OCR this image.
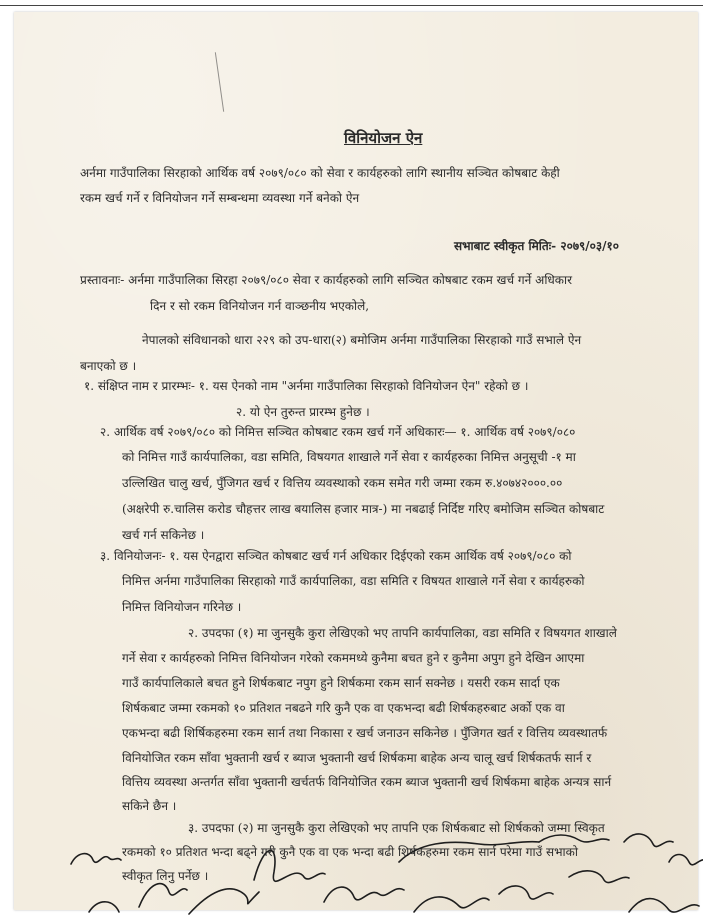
विनियोजन ऐन
अर्नमा गाउँपालिका सिरहाको आर्थिक वर्ष २०७९/०८० को सेवा र कार्यहरुको लागि स्थानीय सञ्चित कोषबाट केही
रकम खर्च गर्ने र विनियोजन गर्ने सम्बन्धमा व्यवस्था गर्ने बनेको ऐन
सभाबाट स्वीकृत मितिः- २०७९/०३/१०
प्रस्तावनाः- अर्नमा गाउँपालिका सिरहा २०७९/०८० सेवा र कार्यहरुको लागि सञ्चित कोषबाट रकम खर्च गर्ने अधिकार
दिन र सो रकम विनियोजन गर्न वाञ्छनीय भएकोले,
नेपालको संविधानको धारा २२९ को उप-धारा(२) बमोजिम अर्नमा गाउँपालिका सिरहाको गाउँ सभाले ऐन
बनाएको छ ।
१. संक्षिप्त नाम र प्रारम्भः- १. यस ऐनको नाम "अर्नमा गाउँपालिका सिरहाको विनियोजन ऐन" रहेको छ ।
२. यो ऐन तुरुन्त प्रारम्भ हुनेछ ।
२. आर्थिक वर्ष २०७९/०८० को निमित्त सञ्चित कोषबाट रकम खर्च गर्ने अधिकारः— १. आर्थिक वर्ष २०७९/०८०
को निमित्त गाउँ कार्यपालिका, वडा समिति, विषयगत शाखाले गर्ने सेवा र कार्यहरुका निमित्त अनुसूची -१ मा
उल्लिखित चालु खर्च, पुँजिगत खर्च र वित्तिय व्यवस्थाको रकम समेत गरी जम्मा रकम रु.४०७४२०००.००
(अक्षरेपी रु.चालिस करोड चौहत्तर लाख बयालिस हजार मात्र-) मा नबढाई निर्दिष्ट गरिए बमोजिम सञ्चित कोषबाट
खर्च गर्न सकिनेछ ।
३. विनियोजनः- १. यस ऐनद्वारा सञ्चित कोषबाट खर्च गर्न अधिकार दिईएको रकम आर्थिक वर्ष २०७९/०८० को
निमित्त अर्नमा गाउँपालिका सिरहाको गाउँ कार्यपालिका, वडा समिति र विषयत शाखाले गर्ने सेवा र कार्यहरुको
निमित्त विनियोजन गरिनेछ ।
२. उपदफा (१) मा जुनसुकै कुरा लेखिएको भए तापनि कार्यपालिका, वडा समिति र विषयगत शाखाले
गर्ने सेवा र कार्यहरुको निमित्त विनियोजन गरेको रकममध्ये कुनैमा बचत हुने र कुनैमा अपुग हुने देखिन आएमा
गाउँ कार्यपालिकाले बचत हुने शिर्षकबाट नपुग हुने शिर्षकमा रकम सार्न सक्नेछ । यसरी रकम सार्दा एक
शिर्षकबाट जम्मा रकमको १० प्रतिशत नबढने गरि कुनै एक वा एकभन्दा बढी शिर्षकहरुबाट अर्को एक वा
एकभन्दा बढी शिर्षिकहरुमा रकम सार्न तथा निकासा र खर्च जनाउन सकिनेछ । पुँजिगत खर्त र वित्तिय व्यवस्थातर्फ
विनियोजित रकम साँवा भुक्तानी खर्च र ब्याज भुक्तानी खर्च शिर्षकमा बाहेक अन्य चालू खर्च शिर्षकतर्फ सार्न र
वित्तिय व्यवस्था अन्तर्गत साँवा भुक्तानी खर्चतर्फ विनियोजित रकम ब्याज भुक्तानी खर्च शिर्षकमा बाहेक अन्यत्र सार्न
सकिने छैन ।
३. उपदफा (२) मा जुनसुकै कुरा लेखिएको भए तापनि एक शिर्षकबाट सो शिर्षकको जम्मा स्विकृत
रकमको १० प्रतिशत भन्दा बढ्ने गरी कुनै एक वा एक भन्दा बढी शिर्षकहरुमा रकम सार्न परेमा गाउँ सभाको
स्वीकृत लिनु पर्नेछ ।
